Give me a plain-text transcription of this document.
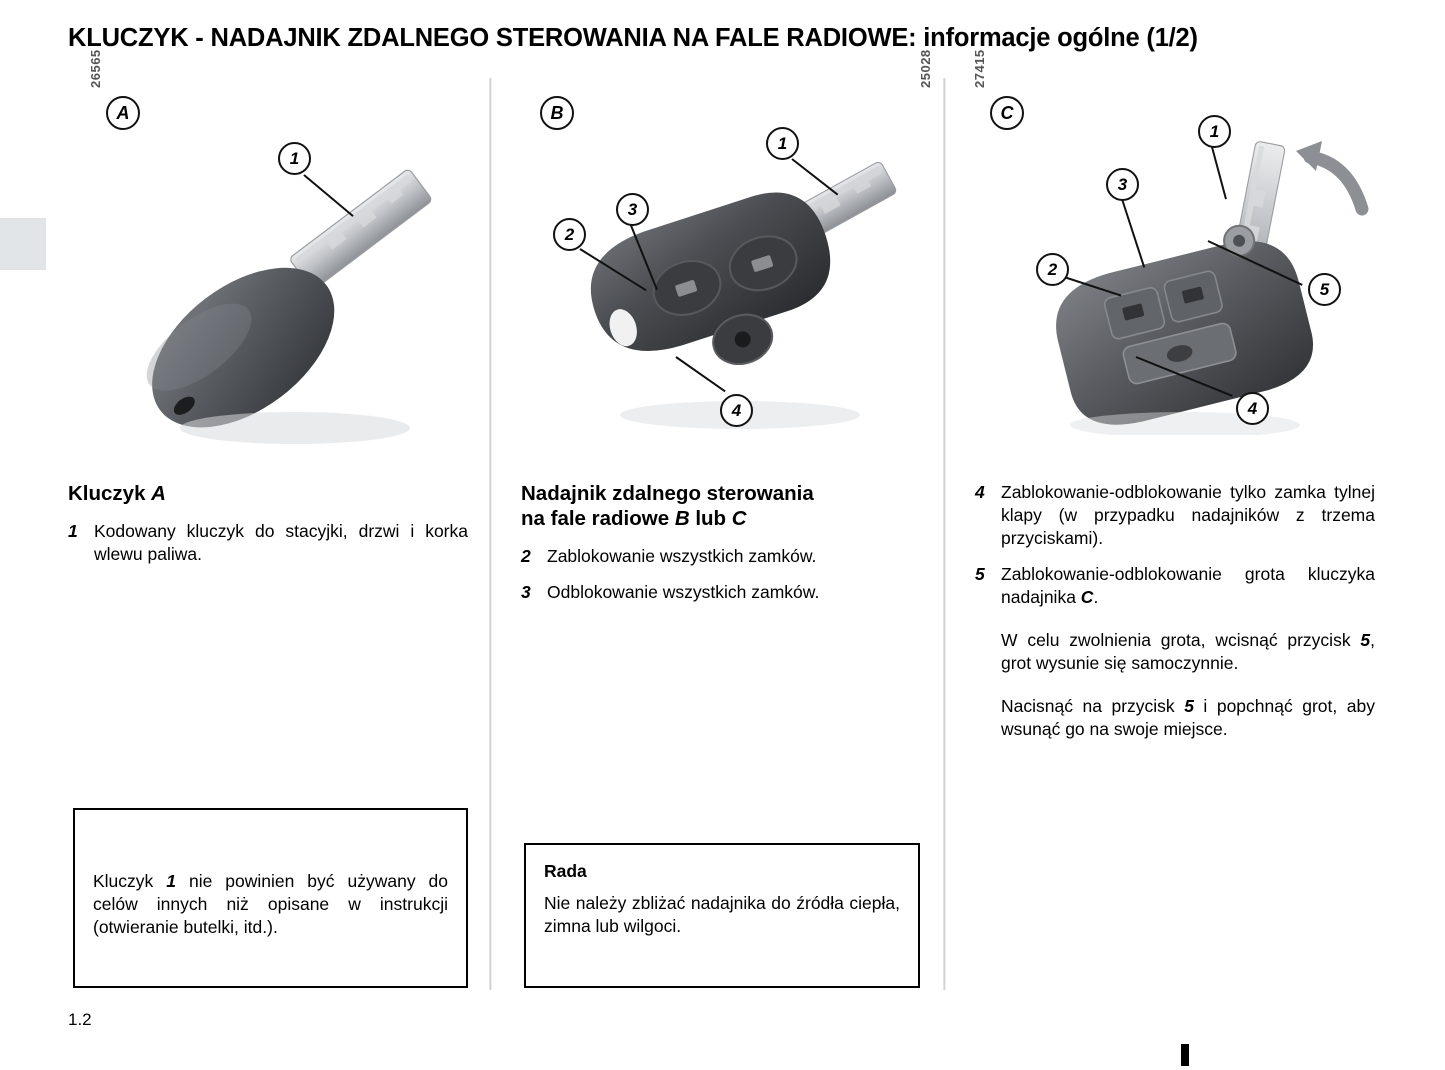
KLUCZYK - NADAJNIK ZDALNEGO STEROWANIA NA FALE RADIOWE: informacje ogólne (1/2)
26565
A
1
Kluczyk A
1 Kodowany kluczyk do stacyjki, drzwi i korka wlewu paliwa.

Kluczyk 1 nie powinien być używany do celów innych niż opisane w instrukcji (otwieranie butelki, itd.).

25028
B
1
3
2
4
Nadajnik zdalnego sterowania
na fale radiowe B lub C
2 Zablokowanie wszystkich zamków.
3 Odblokowanie wszystkich zamków.

Rada

Nie należy zbliżać nadajnika do źródła ciepła, zimna lub wilgoci.

27415
C
1
3
2
5
4
4 Zablokowanie-odblokowanie tylko zamka tylnej klapy (w przypadku nadajników z trzema przyciskami).
5 Zablokowanie-odblokowanie grota kluczyka nadajnika C.

W celu zwolnienia grota, wcisnąć przycisk 5, grot wysunie się samoczynnie.

Nacisnąć na przycisk 5 i popchnąć grot, aby wsunąć go na swoje miejsce.

1.2
